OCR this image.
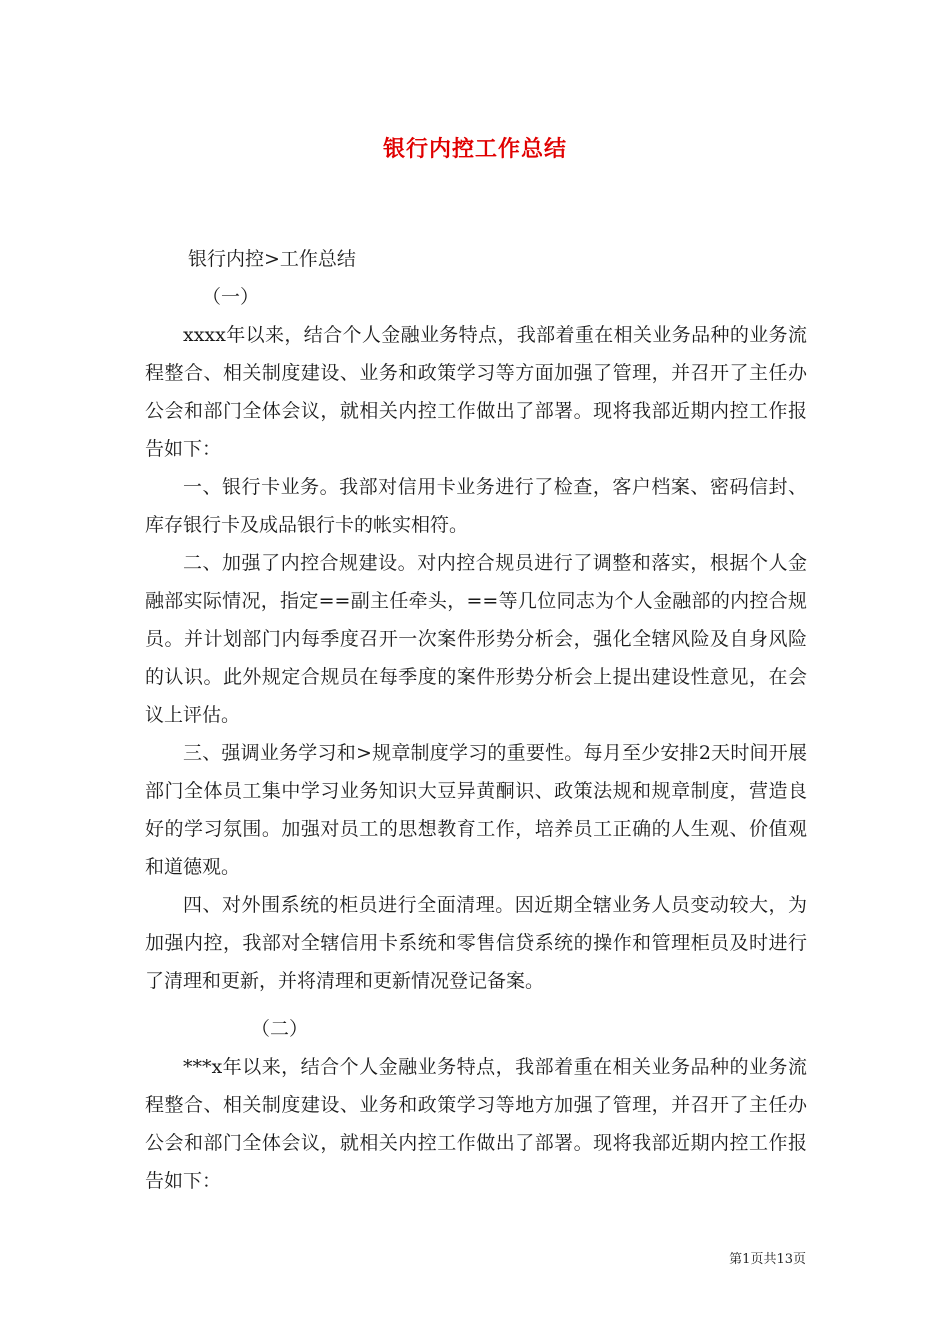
银行内控工作总结

银行内控>工作总结

（一）

xxxx年以来，结合个人金融业务特点，我部着重在相关业务品种的业务流程整合、相关制度建设、业务和政策学习等方面加强了管理，并召开了主任办公会和部门全体会议，就相关内控工作做出了部署。现将我部近期内控工作报告如下：

一、银行卡业务。我部对信用卡业务进行了检查，客户档案、密码信封、库存银行卡及成品银行卡的帐实相符。

二、加强了内控合规建设。对内控合规员进行了调整和落实，根据个人金融部实际情况，指定==副主任牵头，==等几位同志为个人金融部的内控合规员。并计划部门内每季度召开一次案件形势分析会，强化全辖风险及自身风险的认识。此外规定合规员在每季度的案件形势分析会上提出建设性意见，在会议上评估。

三、强调业务学习和>规章制度学习的重要性。每月至少安排2天时间开展部门全体员工集中学习业务知识大豆异黄酮识、政策法规和规章制度，营造良好的学习氛围。加强对员工的思想教育工作，培养员工正确的人生观、价值观和道德观。

四、对外围系统的柜员进行全面清理。因近期全辖业务人员变动较大，为加强内控，我部对全辖信用卡系统和零售信贷系统的操作和管理柜员及时进行了清理和更新，并将清理和更新情况登记备案。

（二）

***x年以来，结合个人金融业务特点，我部着重在相关业务品种的业务流程整合、相关制度建设、业务和政策学习等地方加强了管理，并召开了主任办公会和部门全体会议，就相关内控工作做出了部署。现将我部近期内控工作报告如下：

第1页共13页
